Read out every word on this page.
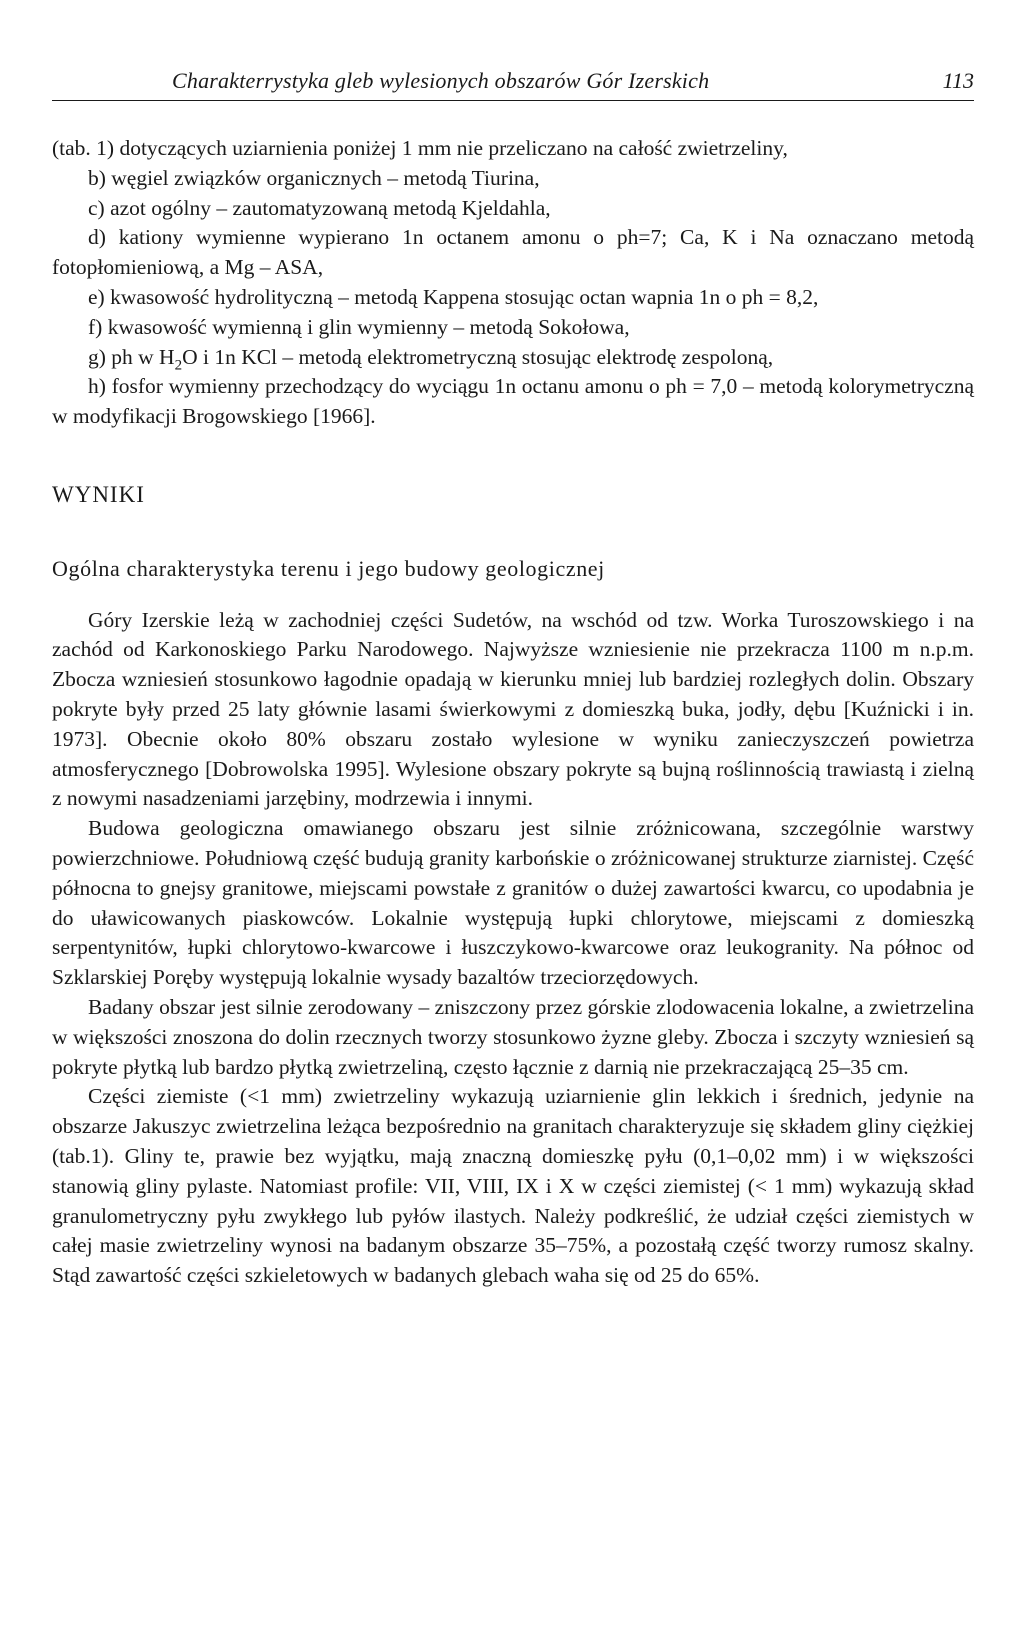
Charakterrystyka gleb wylesionych obszarów Gór Izerskich	113

(tab. 1) dotyczących uziarnienia poniżej 1 mm nie przeliczano na całość zwietrzeliny,

b) węgiel związków organicznych – metodą Tiurina,

c) azot ogólny – zautomatyzowaną metodą Kjeldahla,

d) kationy wymienne wypierano 1n octanem amonu o ph=7; Ca, K i Na oznaczano metodą fotopłomieniową, a Mg – ASA,

e) kwasowość hydrolityczną – metodą Kappena stosując octan wapnia 1n o ph = 8,2,

f) kwasowość wymienną i glin wymienny – metodą Sokołowa,

g) ph w $H_2O$ i 1n KCl – metodą elektrometryczną stosując elektrodę zespoloną,

h) fosfor wymienny przechodzący do wyciągu 1n octanu amonu o ph = 7,0 – metodą kolorymetryczną w modyfikacji Brogowskiego [1966].

WYNIKI

Ogólna charakterystyka terenu i jego budowy geologicznej

Góry Izerskie leżą w zachodniej części Sudetów, na wschód od tzw. Worka Turoszowskiego i na zachód od Karkonoskiego Parku Narodowego. Najwyższe wzniesienie nie przekracza 1100 m n.p.m. Zbocza wzniesień stosunkowo łagodnie opadają w kierunku mniej lub bardziej rozległych dolin. Obszary pokryte były przed 25 laty głównie lasami świerkowymi z domieszką buka, jodły, dębu [Kuźnicki i in. 1973]. Obecnie około 80% obszaru zostało wylesione w wyniku zanieczyszczeń powietrza atmosferycznego [Dobrowolska 1995]. Wylesione obszary pokryte są bujną roślinnością trawiastą i zielną z nowymi nasadzeniami jarzębiny, modrzewia i innymi.

Budowa geologiczna omawianego obszaru jest silnie zróżnicowana, szczególnie warstwy powierzchniowe. Południową część budują granity karbońskie o zróżnicowanej strukturze ziarnistej. Część północna to gnejsy granitowe, miejscami powstałe z granitów o dużej zawartości kwarcu, co upodabnia je do uławicowanych piaskowców. Lokalnie występują łupki chlorytowe, miejscami z domieszką serpentynitów, łupki chlorytowo-kwarcowe i łuszczykowo-kwarcowe oraz leukogranity. Na północ od Szklarskiej Poręby występują lokalnie wysady bazaltów trzeciorzędowych.

Badany obszar jest silnie zerodowany – zniszczony przez górskie zlodowacenia lokalne, a zwietrzelina w większości znoszona do dolin rzecznych tworzy stosunkowo żyzne gleby. Zbocza i szczyty wzniesień są pokryte płytką lub bardzo płytką zwietrzeliną, często łącznie z darnią nie przekraczającą 25–35 cm.

Części ziemiste (<1 mm) zwietrzeliny wykazują uziarnienie glin lekkich i średnich, jedynie na obszarze Jakuszyc zwietrzelina leżąca bezpośrednio na granitach charakteryzuje się składem gliny ciężkiej (tab.1). Gliny te, prawie bez wyjątku, mają znaczną domieszkę pyłu (0,1–0,02 mm) i w większości stanowią gliny pylaste. Natomiast profile: VII, VIII, IX i X w części ziemistej (< 1 mm) wykazują skład granulometryczny pyłu zwykłego lub pyłów ilastych. Należy podkreślić, że udział części ziemistych w całej masie zwietrzeliny wynosi na badanym obszarze 35–75%, a pozostałą część tworzy rumosz skalny. Stąd zawartość części szkieletowych w badanych glebach waha się od 25 do 65%.
